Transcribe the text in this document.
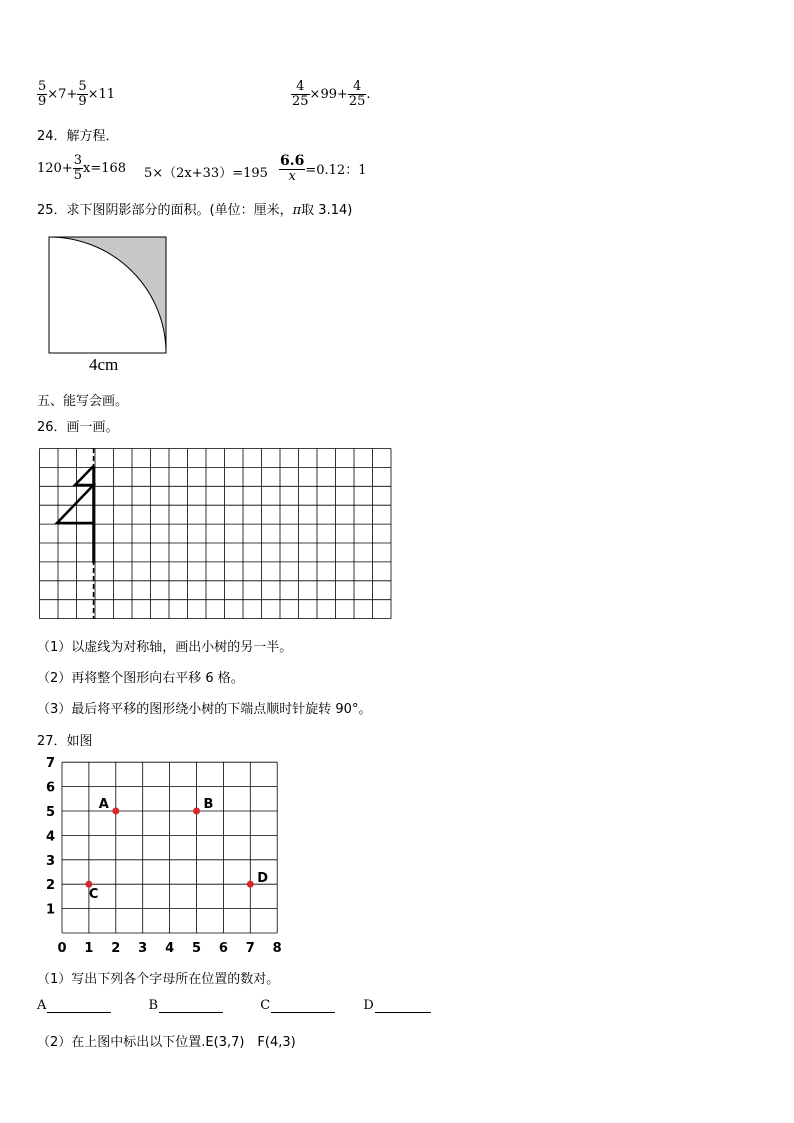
$\frac{5}{9} \times 7+ \frac{5}{9} \times 11$	$\frac{4}{25} \times 99+ \frac{4}{25}$ .
24．解方程．
$120+ \frac{3}{5} x=168$ $5\times(2x+33)=195 \frac{6.6}{x} =0.12$：1
25．求下图阴影部分的面积。(单位：厘米，π取 3.14)
4cm
五、能写会画。
26．画一画。
（1）以虚线为对称轴，画出小树的另一半。
（2）再将整个图形向右平移 6 格。
（3）最后将平移的图形绕小树的下端点顺时针旋转 90°。
27．如图
0 1 2 3 4 5 6 7 8
1
2
3
4
5
6
7
A	B
C
D
（1）写出下列各个字母所在位置的数对。
A	B	C	D
（2）在上图中标出以下位置.E(3,7)　F(4,3)
